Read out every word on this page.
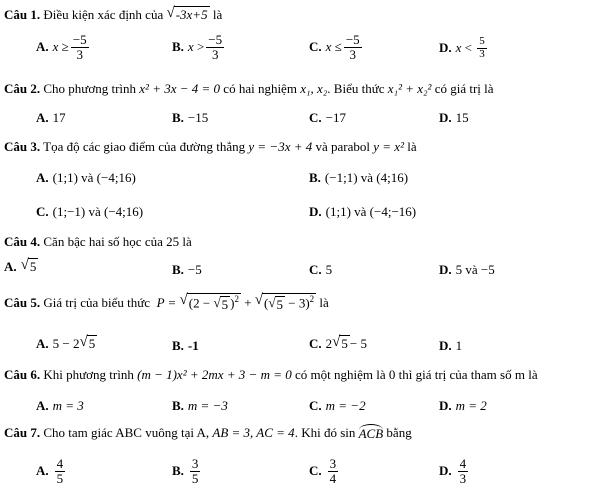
Câu 1.
Điều kiện xác định của
√ -3x+5
là
A. x
≥ $\frac{-5}{3}$	B. x
> $\frac{-5}{3}$	C. x
≤ $\frac{-5}{3}$	D. x
<
$\frac{5}{3}$
Câu 2. Cho phương trình x² + 3x − 4 = 0 có hai nghiệm x₁, x₂. Biểu thức x₁² + x₂² có giá trị là
A. 17	B. −15	C. −17	D. 15
Câu 3. Tọa độ các giao điểm của đường thẳng y = −3x + 4 và parabol y = x² là
A. (1;1) và (−4;16)	B. (−1;1) và (4;16)
C. (1;−1) và (−4;16)	D. (1;1) và (−4;−16)
Câu 4. Căn bậc hai số học của 25 là
A. √ 5	B. −5	C. 5	D. 5 và −5
Câu 5.
Giá trị của biểu thức
P =
√ (2 − √ 5 )$^2$ + √ ( √ 5 − 3)$^2$
là
A. 5 − 2 √ 5	B. -1	C. 2 √ 5 − 5	D. 1
Câu 6. Khi phương trình (m − 1)x² + 2mx + 3 − m = 0 có một nghiệm là 0 thì giá trị của tham số m là
A. m = 3	B. m = −3	C. m = −2	D. m = 2
Câu 7.
Cho tam giác ABC vuông tại A,
AB = 3, AC = 4 . Khi đó
sin
ACB
bằng
A. $\frac{4}{5}$	B. $\frac{3}{5}$	C. $\frac{3}{4}$	D. $\frac{4}{3}$
